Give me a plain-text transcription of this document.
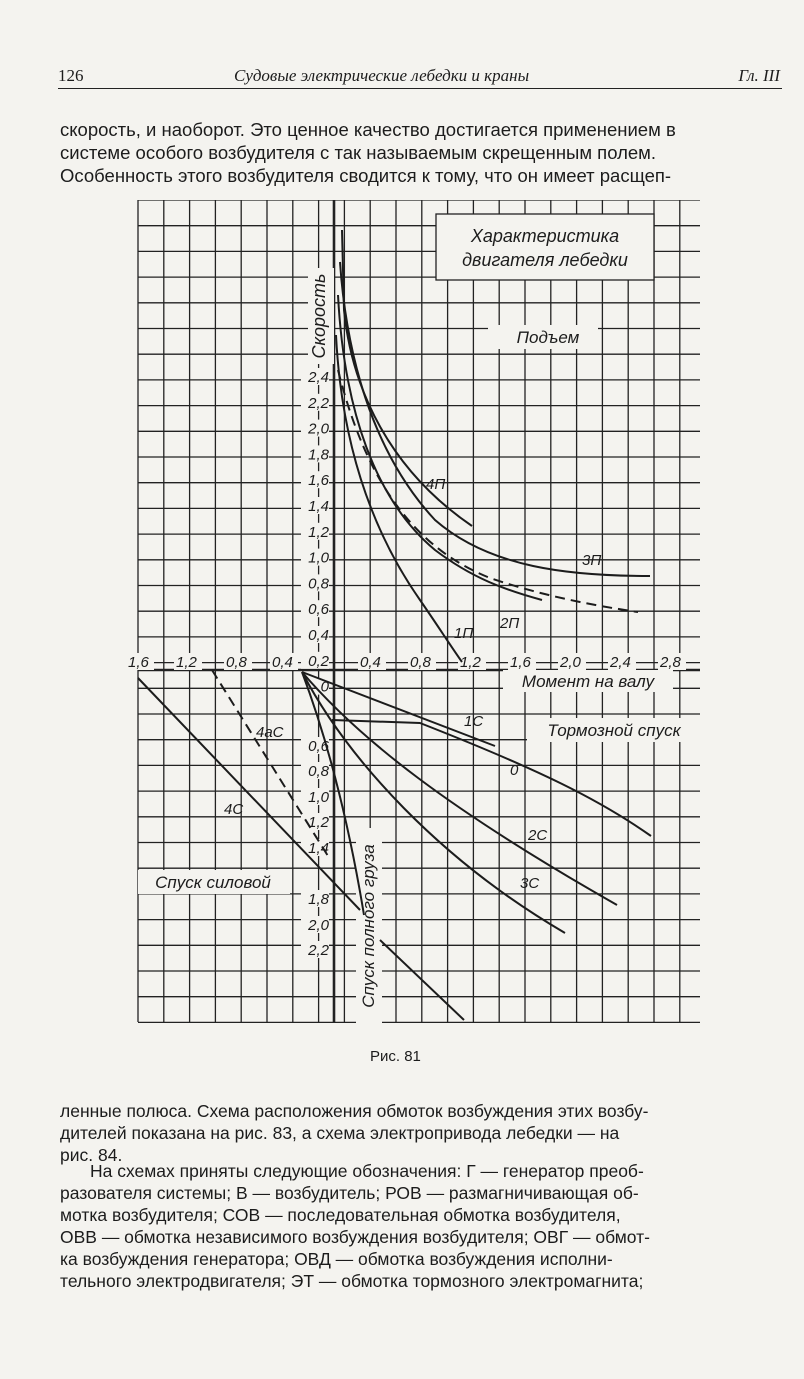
126	Судовые электрические лебедки и краны	Гл. III
скорость, и наоборот. Это ценное качество достигается применением в
системе особого возбудителя с так называемым скрещенным полем.
Особенность этого возбудителя сводится к тому, что он имеет расщеп-
Характеристика
двигателя лебедки
Подъем
Момент на валу
Тормозной спуск
Спуск силовой
Скорость
Спуск полного груза
2,4
2,2
2,0
1,8
1,6
1,4
1,2
1,0
0,8
0,6
0,4
0,2
0
0,6
0,8
1,0
1,2
1,4
1,8
2,0
2,2
0,4 0,8 1,2 1,6 2,0 2,4 2,8
1,6 1,2 0,8 0,4
4П
3П
2П
1П
1С
0
2С
3С
4С
4аС
Рис. 81
ленные полюса. Схема расположения обмоток возбуждения этих возбу-
дителей показана на рис. 83, а схема электропривода лебедки — на
рис. 84.
На схемах приняты следующие обозначения: Г — генератор преоб-
разователя системы; В — возбудитель; РОВ — размагничивающая об-
мотка возбудителя; СОВ — последовательная обмотка возбудителя,
ОВВ — обмотка независимого возбуждения возбудителя; ОВГ — обмот-
ка возбуждения генератора; ОВД — обмотка возбуждения исполни-
тельного электродвигателя; ЭТ — обмотка тормозного электромагнита;
